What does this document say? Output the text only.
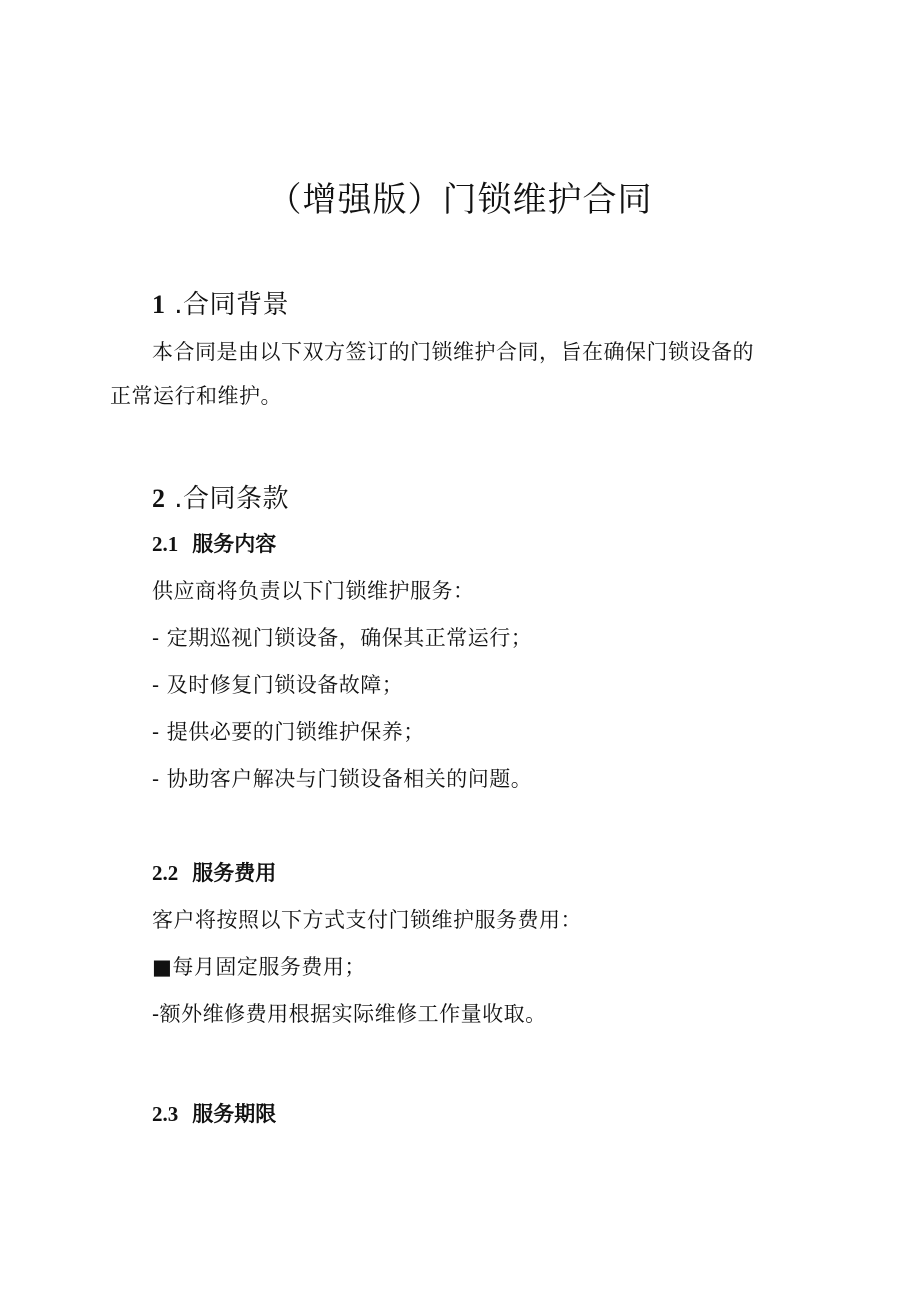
（增强版）门锁维护合同
1 .合同背景
本合同是由以下双方签订的门锁维护合同，旨在确保门锁设备的
正常运行和维护。
2 .合同条款
2.1 服务内容
供应商将负责以下门锁维护服务：
- 定期巡视门锁设备，确保其正常运行；
- 及时修复门锁设备故障；
- 提供必要的门锁维护保养；
- 协助客户解决与门锁设备相关的问题。
2.2 服务费用
客户将按照以下方式支付门锁维护服务费用：
■每月固定服务费用；
-额外维修费用根据实际维修工作量收取。
2.3 服务期限
